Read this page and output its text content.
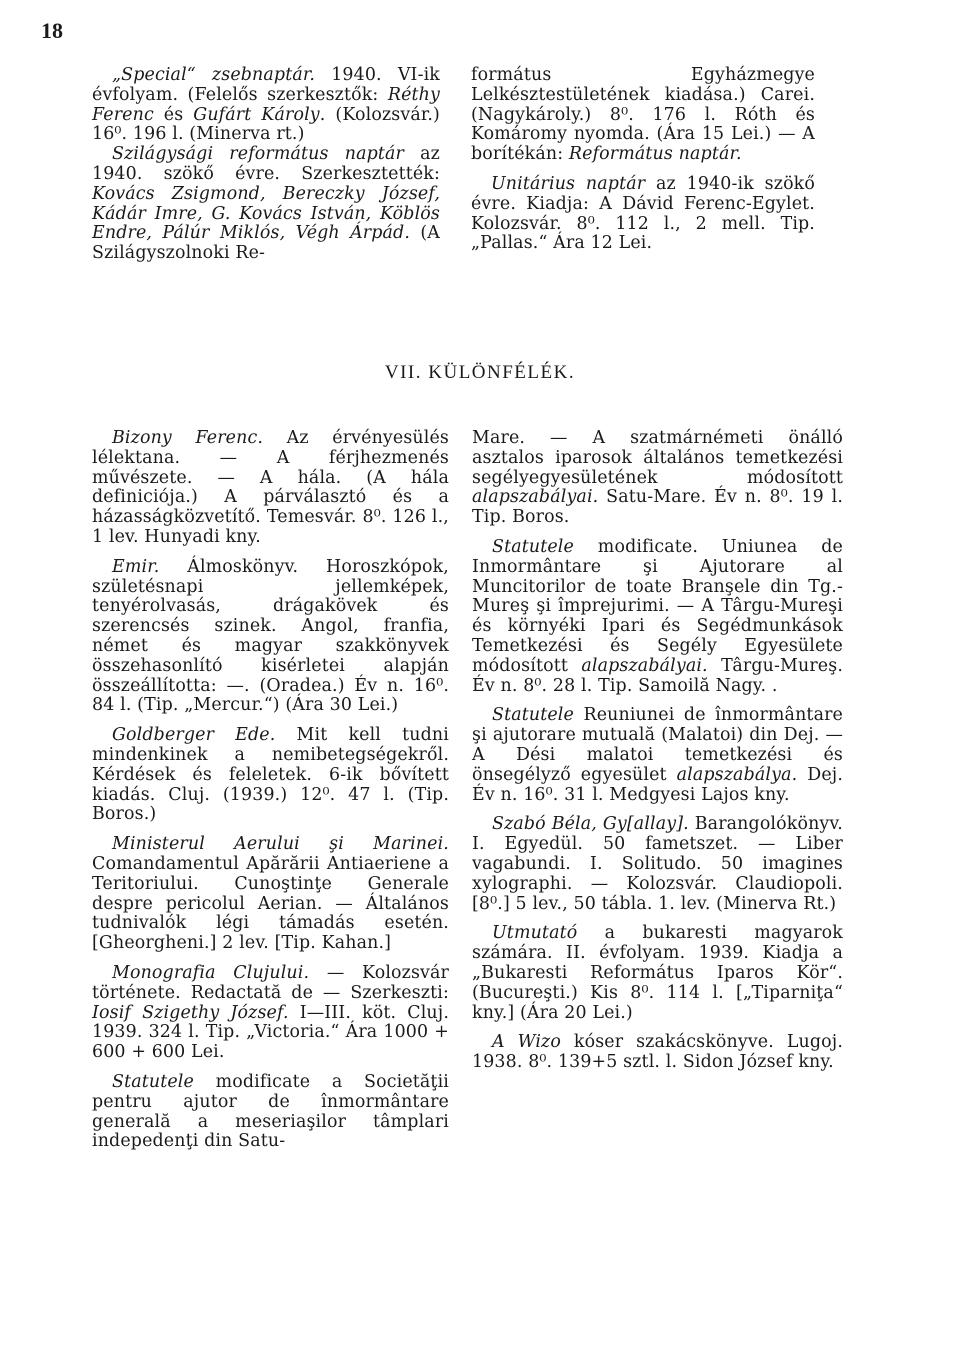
18

„Special“ zsebnaptár. 1940. VI-ik évfolyam. (Felelős szerkesztők: Réthy Ferenc és Gufárt Károly. (Kolozsvár.) 16⁰. 196 l. (Minerva rt.)

Szilágysági református naptár az 1940. szökő évre. Szerkesztették: Kovács Zsigmond, Bereczky József, Kádár Imre, G. Kovács István, Köblös Endre, Pálúr Miklós, Végh Árpád. (A Szilágyszolnoki Re-

formátus Egyházmegye Lelkésztestületének kiadása.) Carei. (Nagykároly.) 8⁰. 176 l. Róth és Komáromy nyomda. (Ára 15 Lei.) — A borítékán: Református naptár.

Unitárius naptár az 1940-ik szökő évre. Kiadja: A Dávid Ferenc-Egylet. Kolozsvár. 8⁰. 112 l., 2 mell. Tip. „Pallas.“ Ára 12 Lei.

VII. KÜLÖNFÉLÉK.

Bizony Ferenc. Az érvényesülés lélektana. — A férjhezmenés művészete. — A hála. (A hála definiciója.) A párválasztó és a házasságközvetítő. Temesvár. 8⁰. 126 l., 1 lev. Hunyadi kny.

Emir. Álmoskönyv. Horoszkópok, születésnapi jellemképek, tenyérolvasás, drágakövek és szerencsés szinek. Angol, franfia, német és magyar szakkönyvek összehasonlító kisérletei alapján összeállította: —. (Oradea.) Év n. 16⁰. 84 l. (Tip. „Mercur.“) (Ára 30 Lei.)

Goldberger Ede. Mit kell tudni mindenkinek a nemibetegségekről. Kérdések és feleletek. 6-ik bővített kiadás. Cluj. (1939.) 12⁰. 47 l. (Tip. Boros.)

Ministerul Aerului şi Marinei. Comandamentul Apărării Antiaeriene a Teritoriului. Cunoştinţe Generale despre pericolul Aerian. — Általános tudnivalók légi támadás esetén. [Gheorgheni.] 2 lev. [Tip. Kahan.]

Monografia Clujului. — Kolozsvár története. Redactată de — Szerkeszti: Iosif Szigethy József. I—III. köt. Cluj. 1939. 324 l. Tip. „Victoria.“ Ára 1000 + 600 + 600 Lei.

Statutele modificate a Societăţii pentru ajutor de înmormântare generală a meseriaşilor tâmplari indepedenţi din Satu-

Mare. — A szatmárnémeti önálló asztalos iparosok általános temetkezési segélyegyesületének módosított alapszabályai. Satu-Mare. Év n. 8⁰. 19 l. Tip. Boros.

Statutele modificate. Uniunea de Inmormântare şi Ajutorare al Muncitorilor de toate Branşele din Tg.-Mureş şi împrejurimi. — A Târgu-Mureşi és környéki Ipari és Segédmunkások Temetkezési és Segély Egyesülete módosított alapszabályai. Târgu-Mureş. Év n. 8⁰. 28 l. Tip. Samoilă Nagy. .

Statutele Reuniunei de înmormântare şi ajutorare mutuală (Malatoi) din Dej. — A Dési malatoi temetkezési és önsegélyző egyesület alapszabálya. Dej. Év n. 16⁰. 31 l. Medgyesi Lajos kny.

Szabó Béla, Gy[allay]. Barangolókönyv. I. Egyedül. 50 fametszet. — Liber vagabundi. I. Solitudo. 50 imagines xylographi. — Kolozsvár. Claudiopoli. [8⁰.] 5 lev., 50 tábla. 1. lev. (Minerva Rt.)

Utmutató a bukaresti magyarok számára. II. évfolyam. 1939. Kiadja a „Bukaresti Református Iparos Kör“. (Bucureşti.) Kis 8⁰. 114 l. [„Tiparniţa“ kny.] (Ára 20 Lei.)

A Wizo kóser szakácskönyve. Lugoj. 1938. 8⁰. 139+5 sztl. l. Sidon József kny.
